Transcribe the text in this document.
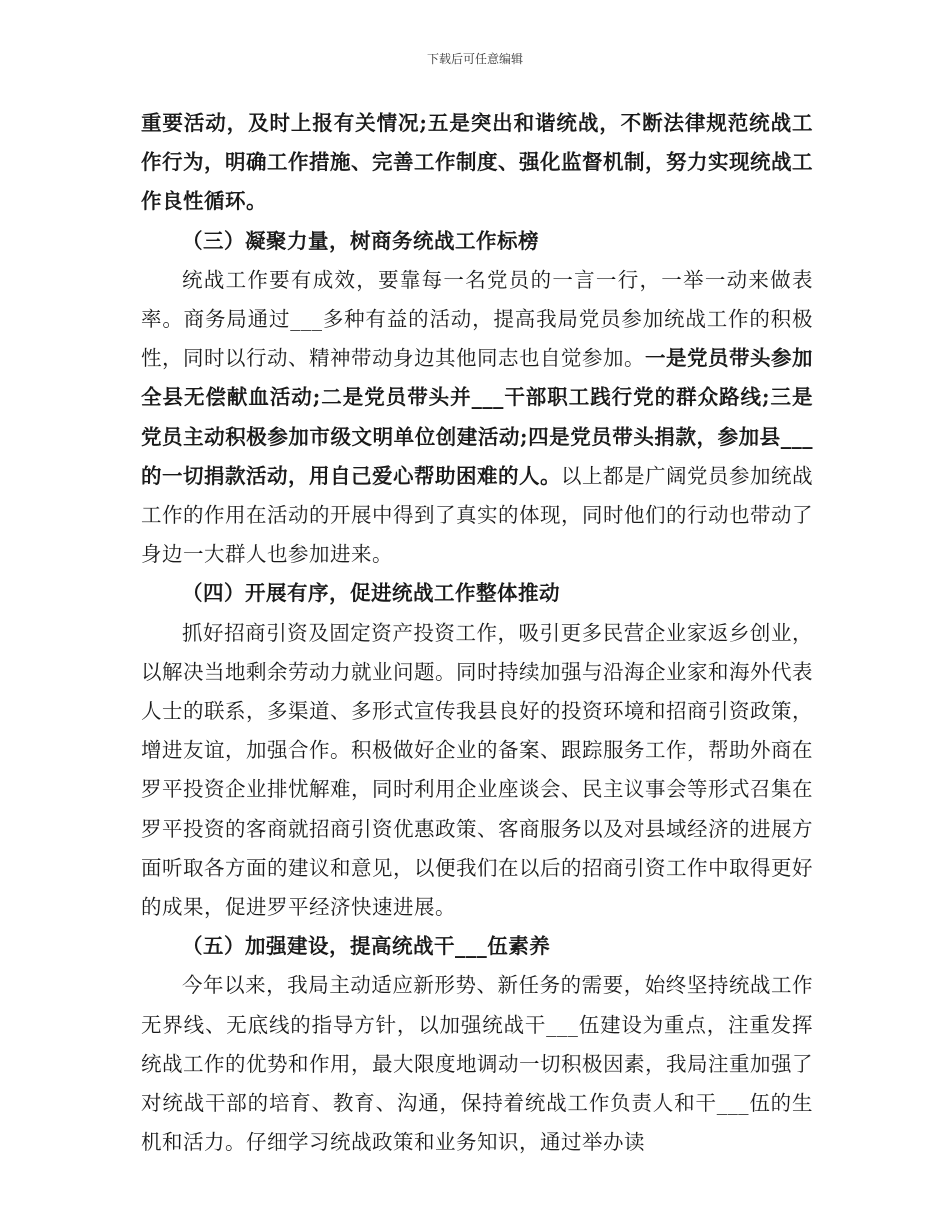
下载后可任意编辑

重要活动，及时上报有关情况;五是突出和谐统战，不断法律规范统战工作行为，明确工作措施、完善工作制度、强化监督机制，努力实现统战工作良性循环。

（三）凝聚力量，树商务统战工作标榜

统战工作要有成效，要靠每一名党员的一言一行，一举一动来做表率。商务局通过___多种有益的活动，提高我局党员参加统战工作的积极性，同时以行动、精神带动身边其他同志也自觉参加。一是党员带头参加全县无偿献血活动;二是党员带头并___干部职工践行党的群众路线;三是党员主动积极参加市级文明单位创建活动;四是党员带头捐款，参加县___的一切捐款活动，用自己爱心帮助困难的人。以上都是广阔党员参加统战工作的作用在活动的开展中得到了真实的体现，同时他们的行动也带动了身边一大群人也参加进来。

（四）开展有序，促进统战工作整体推动

抓好招商引资及固定资产投资工作，吸引更多民营企业家返乡创业，以解决当地剩余劳动力就业问题。同时持续加强与沿海企业家和海外代表人士的联系，多渠道、多形式宣传我县良好的投资环境和招商引资政策，增进友谊，加强合作。积极做好企业的备案、跟踪服务工作，帮助外商在罗平投资企业排忧解难，同时利用企业座谈会、民主议事会等形式召集在罗平投资的客商就招商引资优惠政策、客商服务以及对县域经济的进展方面听取各方面的建议和意见，以便我们在以后的招商引资工作中取得更好的成果，促进罗平经济快速进展。

（五）加强建设，提高统战干___伍素养

今年以来，我局主动适应新形势、新任务的需要，始终坚持统战工作无界线、无底线的指导方针，以加强统战干___伍建设为重点，注重发挥统战工作的优势和作用，最大限度地调动一切积极因素，我局注重加强了对统战干部的培育、教育、沟通，保持着统战工作负责人和干___伍的生机和活力。仔细学习统战政策和业务知识，通过举办读
